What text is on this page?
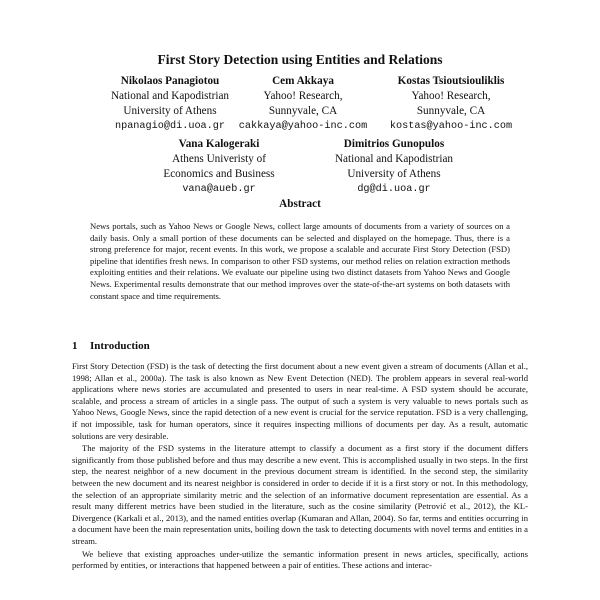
First Story Detection using Entities and Relations
Nikolaos Panagiotou
National and Kapodistrian
University of Athens
npanagio@di.uoa.gr
Cem Akkaya
Yahoo! Research,
Sunnyvale, CA
cakkaya@yahoo-inc.com
Kostas Tsioutsiouliklis
Yahoo! Research,
Sunnyvale, CA
kostas@yahoo-inc.com
Vana Kalogeraki
Athens Univeristy of
Economics and Business
vana@aueb.gr
Dimitrios Gunopulos
National and Kapodistrian
University of Athens
dg@di.uoa.gr
Abstract
News portals, such as Yahoo News or Google News, collect large amounts of documents from a variety of sources on a daily basis. Only a small portion of these documents can be selected and displayed on the homepage. Thus, there is a strong preference for major, recent events. In this work, we propose a scalable and accurate First Story Detection (FSD) pipeline that identifies fresh news. In comparison to other FSD systems, our method relies on relation extraction methods exploiting entities and their relations. We evaluate our pipeline using two distinct datasets from Yahoo News and Google News. Experimental results demonstrate that our method improves over the state-of-the-art systems on both datasets with constant space and time requirements.
1 Introduction

First Story Detection (FSD) is the task of detecting the first document about a new event given a stream of documents (Allan et al., 1998; Allan et al., 2000a). The task is also known as New Event Detection (NED). The problem appears in several real-world applications where news stories are accumulated and presented to users in near real-time. A FSD system should be accurate, scalable, and process a stream of articles in a single pass. The output of such a system is very valuable to news portals such as Yahoo News, Google News, since the rapid detection of a new event is crucial for the service reputation. FSD is a very challenging, if not impossible, task for human operators, since it requires inspecting millions of documents per day. As a result, automatic solutions are very desirable.

The majority of the FSD systems in the literature attempt to classify a document as a first story if the document differs significantly from those published before and thus may describe a new event. This is accomplished usually in two steps. In the first step, the nearest neighbor of a new document in the previous document stream is identified. In the second step, the similarity between the new document and its nearest neighbor is considered in order to decide if it is a first story or not. In this methodology, the selection of an appropriate similarity metric and the selection of an informative document representation are essential. As a result many different metrics have been studied in the literature, such as the cosine similarity (Petrović et al., 2012), the KL-Divergence (Karkali et al., 2013), and the named entities overlap (Kumaran and Allan, 2004). So far, terms and entities occurring in a document have been the main representation units, boiling down the task to detecting documents with novel terms and entities in a stream.

We believe that existing approaches under-utilize the semantic information present in news articles, specifically, actions performed by entities, or interactions that happened between a pair of entities. These actions and interac-
